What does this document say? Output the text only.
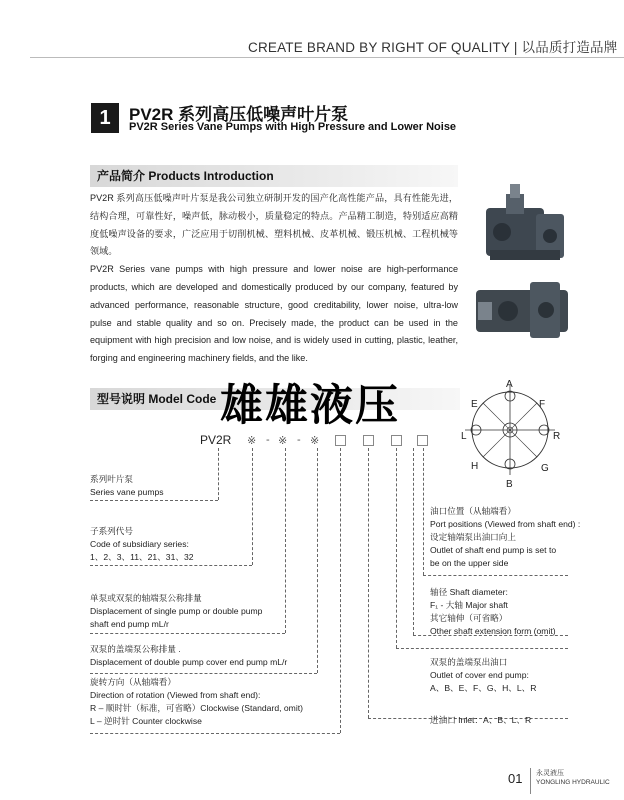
CREATE BRAND BY RIGHT OF QUALITY | 以品质打造品牌
1	PV2R 系列高压低噪声叶片泵
PV2R Series Vane Pumps with High Pressure and Lower Noise
产品简介 Products Introduction

PV2R 系列高压低噪声叶片泵是我公司独立研制开发的国产化高性能产品，具有性能先进，结构合理，可靠性好，噪声低，脉动极小，质量稳定的特点。产品精工制造，特别适应高精度低噪声设备的要求，广泛应用于切削机械、塑料机械、皮革机械、锻压机械、工程机械等领域。

PV2R Series vane pumps with high pressure and lower noise are high-performance products, which are developed and domestically produced by our company, featured by advanced performance, reasonable structure, good creditability, lower noise, ultra-low pulse and stable quality and so on. Precisely made, the product can be used in the equipment with high precision and low noise, and is widely used in cutting, plastic, leather, forging and engineering machinery fields, and the like.

型号说明 Model Code 雄雄液压
PV2R ※ - ※ - ※
A
E	F
L	R
H	G
B
系列叶片泵
Series vane pumps
子系列代号
Code of subsidiary series:
1、2、3、11、21、31、32
单泵或双泵的轴端泵公称排量
Displacement of single pump or double pump
shaft end pump mL/r
双泵的盖端泵公称排量 .
Displacement of double pump cover end pump mL/r
旋转方向（从轴端看）
Direction of rotation (Viewed from shaft end):
R – 顺时针（标准，可省略）Clockwise (Standard, omit)
L – 逆时针 Counter clockwise
油口位置（从轴端看）
Port positions (Viewed from shaft end) :
设定轴端泵出油口向上
Outlet of shaft end pump is set to
be on the upper side
轴径 Shaft diameter:
F₁ - 大轴 Major shaft
其它轴伸（可省略）
Other shaft extension form (omit)
双泵的盖端泵出油口
Outlet of cover end pump:
A、B、E、F、G、H、L、R
进油口 Inlet：A、B、L、R
01 永灵液压
YONGLING HYDRAULIC
